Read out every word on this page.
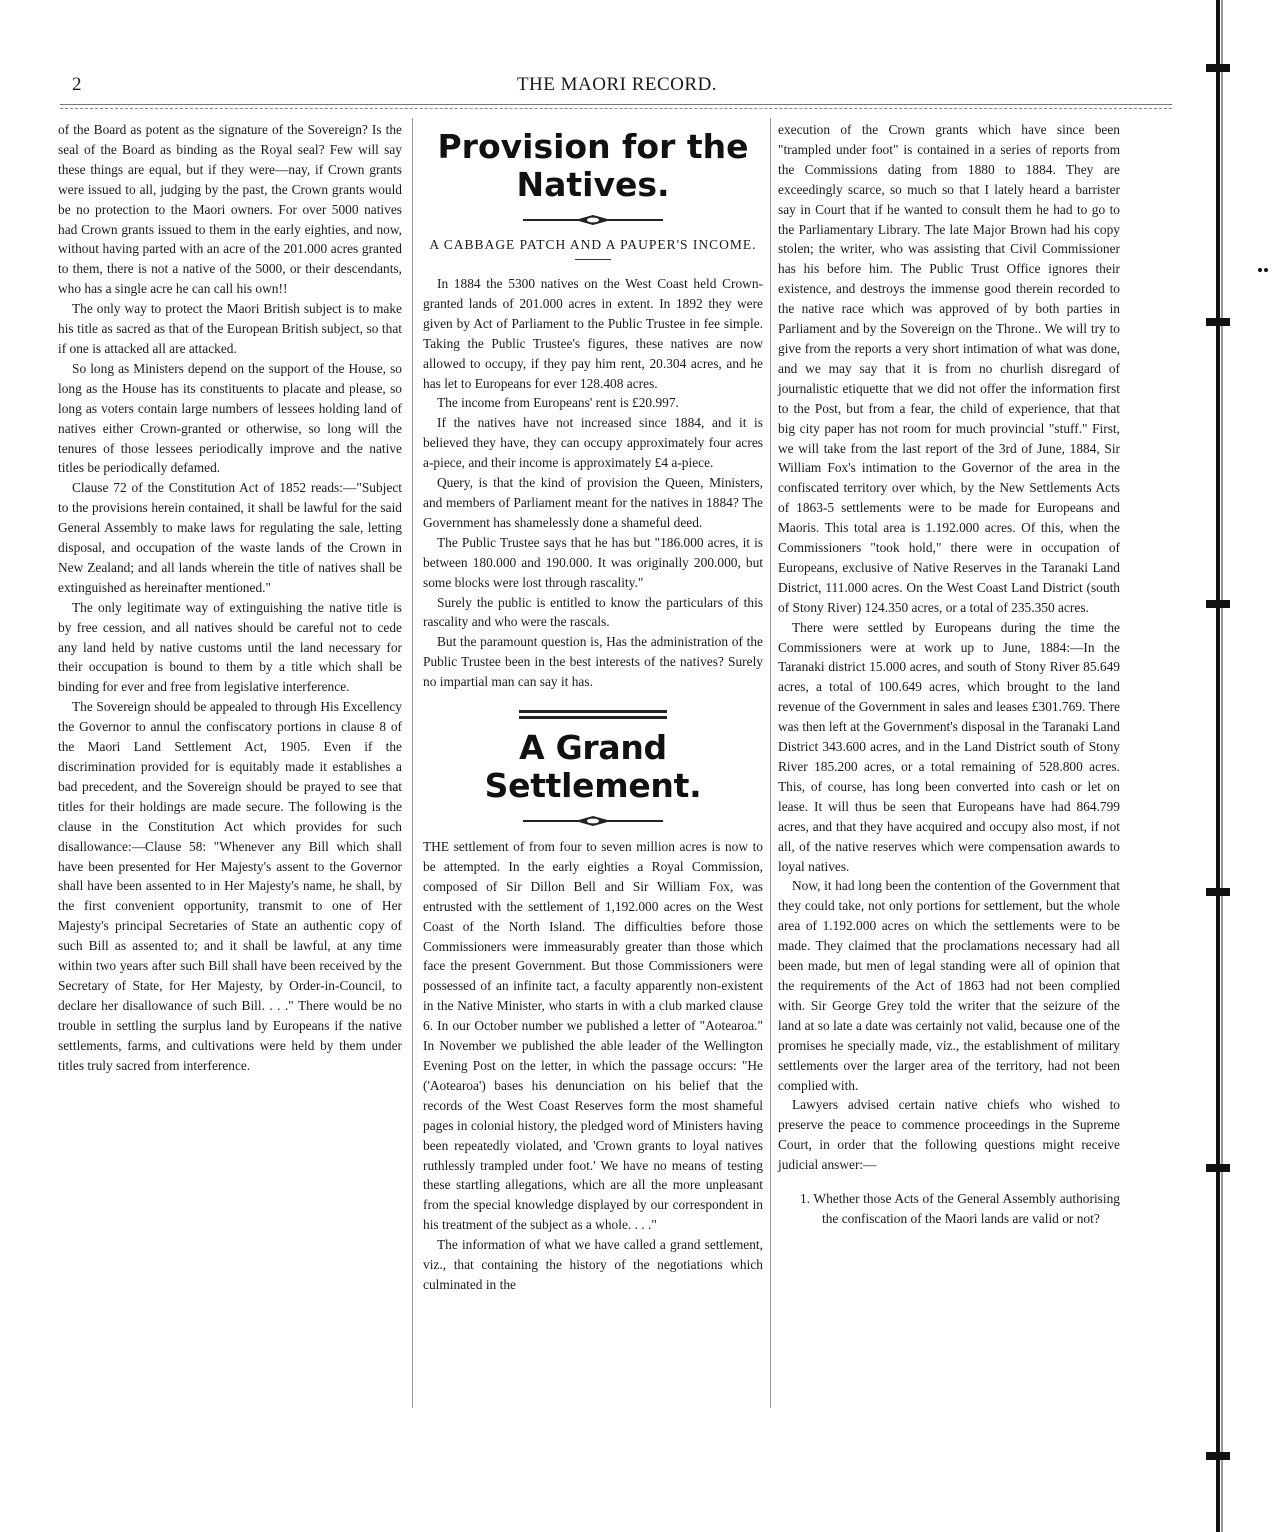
2	THE MAORI RECORD.

of the Board as potent as the signature of the Sovereign? Is the seal of the Board as binding as the Royal seal? Few will say these things are equal, but if they were—nay, if Crown grants were issued to all, judging by the past, the Crown grants would be no protection to the Maori owners. For over 5000 natives had Crown grants issued to them in the early eighties, and now, without having parted with an acre of the 201.000 acres granted to them, there is not a native of the 5000, or their descendants, who has a single acre he can call his own!!

The only way to protect the Maori British subject is to make his title as sacred as that of the European British subject, so that if one is attacked all are attacked.

So long as Ministers depend on the support of the House, so long as the House has its constituents to placate and please, so long as voters contain large numbers of lessees holding land of natives either Crown-granted or otherwise, so long will the tenures of those lessees periodically improve and the native titles be periodically defamed.

Clause 72 of the Constitution Act of 1852 reads:—"Subject to the provisions herein contained, it shall be lawful for the said General Assembly to make laws for regulating the sale, letting disposal, and occupation of the waste lands of the Crown in New Zealand; and all lands wherein the title of natives shall be extinguished as hereinafter mentioned."

The only legitimate way of extinguishing the native title is by free cession, and all natives should be careful not to cede any land held by native customs until the land necessary for their occupation is bound to them by a title which shall be binding for ever and free from legislative interference.

The Sovereign should be appealed to through His Excellency the Governor to annul the confiscatory portions in clause 8 of the Maori Land Settlement Act, 1905. Even if the discrimination provided for is equitably made it establishes a bad precedent, and the Sovereign should be prayed to see that titles for their holdings are made secure. The following is the clause in the Constitution Act which provides for such disallowance:—Clause 58: "Whenever any Bill which shall have been presented for Her Majesty's assent to the Governor shall have been assented to in Her Majesty's name, he shall, by the first convenient opportunity, transmit to one of Her Majesty's principal Secretaries of State an authentic copy of such Bill as assented to; and it shall be lawful, at any time within two years after such Bill shall have been received by the Secretary of State, for Her Majesty, by Order-in-Council, to declare her disallowance of such Bill. . . ." There would be no trouble in settling the surplus land by Europeans if the native settlements, farms, and cultivations were held by them under titles truly sacred from interference.

Provision for the Natives.
A CABBAGE PATCH AND A PAUPER'S INCOME.

In 1884 the 5300 natives on the West Coast held Crown-granted lands of 201.000 acres in extent. In 1892 they were given by Act of Parliament to the Public Trustee in fee simple. Taking the Public Trustee's figures, these natives are now allowed to occupy, if they pay him rent, 20.304 acres, and he has let to Europeans for ever 128.408 acres.

The income from Europeans' rent is £20.997.

If the natives have not increased since 1884, and it is believed they have, they can occupy approximately four acres a-piece, and their income is approximately £4 a-piece.

Query, is that the kind of provision the Queen, Ministers, and members of Parliament meant for the natives in 1884? The Government has shamelessly done a shameful deed.

The Public Trustee says that he has but "186.000 acres, it is between 180.000 and 190.000. It was originally 200.000, but some blocks were lost through rascality."

Surely the public is entitled to know the particulars of this rascality and who were the rascals.

But the paramount question is, Has the administration of the Public Trustee been in the best interests of the natives? Surely no impartial man can say it has.

A Grand Settlement.

THE settlement of from four to seven million acres is now to be attempted. In the early eighties a Royal Commission, composed of Sir Dillon Bell and Sir William Fox, was entrusted with the settlement of 1,192.000 acres on the West Coast of the North Island. The difficulties before those Commissioners were immeasurably greater than those which face the present Government. But those Commissioners were possessed of an infinite tact, a faculty apparently non-existent in the Native Minister, who starts in with a club marked clause 6. In our October number we published a letter of "Aotearoa." In November we published the able leader of the Wellington Evening Post on the letter, in which the passage occurs: "He ('Aotearoa') bases his denunciation on his belief that the records of the West Coast Reserves form the most shameful pages in colonial history, the pledged word of Ministers having been repeatedly violated, and 'Crown grants to loyal natives ruthlessly trampled under foot.' We have no means of testing these startling allegations, which are all the more unpleasant from the special knowledge displayed by our correspondent in his treatment of the subject as a whole. . . ."

The information of what we have called a grand settlement, viz., that containing the history of the negotiations which culminated in the

execution of the Crown grants which have since been "trampled under foot" is contained in a series of reports from the Commissions dating from 1880 to 1884. They are exceedingly scarce, so much so that I lately heard a barrister say in Court that if he wanted to consult them he had to go to the Parliamentary Library. The late Major Brown had his copy stolen; the writer, who was assisting that Civil Commissioner has his before him. The Public Trust Office ignores their existence, and destroys the immense good therein recorded to the native race which was approved of by both parties in Parliament and by the Sovereign on the Throne.. We will try to give from the reports a very short intimation of what was done, and we may say that it is from no churlish disregard of journalistic etiquette that we did not offer the information first to the Post, but from a fear, the child of experience, that that big city paper has not room for much provincial "stuff." First, we will take from the last report of the 3rd of June, 1884, Sir William Fox's intimation to the Governor of the area in the confiscated territory over which, by the New Settlements Acts of 1863-5 settlements were to be made for Europeans and Maoris. This total area is 1.192.000 acres. Of this, when the Commissioners "took hold," there were in occupation of Europeans, exclusive of Native Reserves in the Taranaki Land District, 111.000 acres. On the West Coast Land District (south of Stony River) 124.350 acres, or a total of 235.350 acres.

There were settled by Europeans during the time the Commissioners were at work up to June, 1884:—In the Taranaki district 15.000 acres, and south of Stony River 85.649 acres, a total of 100.649 acres, which brought to the land revenue of the Government in sales and leases £301.769. There was then left at the Government's disposal in the Taranaki Land District 343.600 acres, and in the Land District south of Stony River 185.200 acres, or a total remaining of 528.800 acres. This, of course, has long been converted into cash or let on lease. It will thus be seen that Europeans have had 864.799 acres, and that they have acquired and occupy also most, if not all, of the native reserves which were compensation awards to loyal natives.

Now, it had long been the contention of the Government that they could take, not only portions for settlement, but the whole area of 1.192.000 acres on which the settlements were to be made. They claimed that the proclamations necessary had all been made, but men of legal standing were all of opinion that the requirements of the Act of 1863 had not been complied with. Sir George Grey told the writer that the seizure of the land at so late a date was certainly not valid, because one of the promises he specially made, viz., the establishment of military settlements over the larger area of the territory, had not been complied with.

Lawyers advised certain native chiefs who wished to preserve the peace to commence proceedings in the Supreme Court, in order that the following questions might receive judicial answer:—

1. Whether those Acts of the General Assembly authorising the confiscation of the Maori lands are valid or not?
